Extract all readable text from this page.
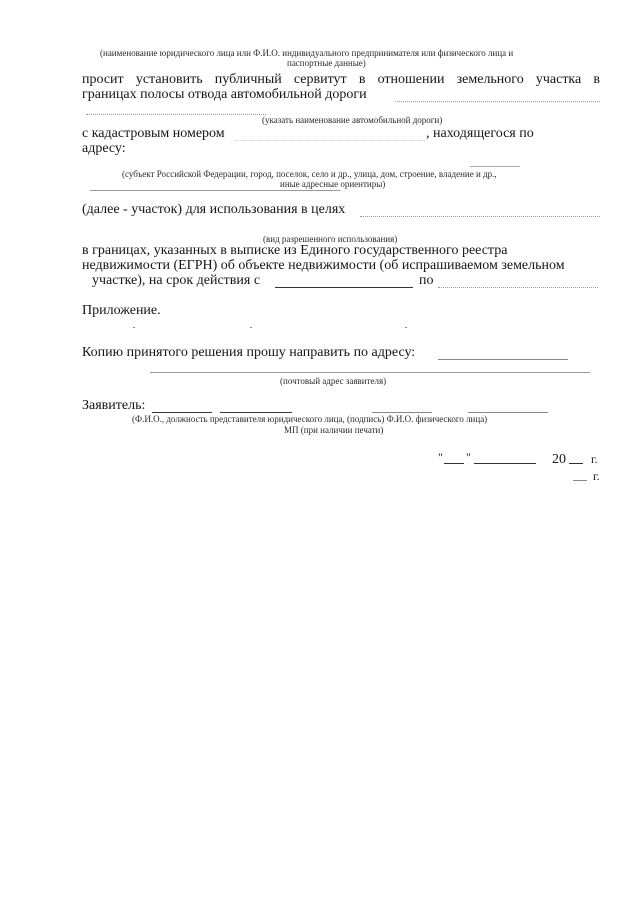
(наименование юридического лица или Ф.И.О. индивидуального предпринимателя или физического лица и
паспортные данные)
просит установить публичный сервитут в отношении земельного участка в
границах полосы отвода автомобильной дороги
(указать наименование автомобильной дороги)
с кадастровым номером	, находящегося по
адресу:
(субъект Российской Федерации, город, поселок, село и др., улица, дом, строение, владение и др.,
иные адресные ориентиры)
(далее - участок) для использования в целях
(вид разрешенного использования)
в границах, указанных в выписке из Единого государственного реестра
недвижимости (ЕГРН) об объекте недвижимости (об испрашиваемом земельном
участке), на срок действия с	по
Приложение.
Копию принятого решения прошу направить по адресу:
(почтовый адрес заявителя)
Заявитель:
(Ф.И.О., должность представителя юридического лица, (подпись) Ф.И.О. физического лица)
МП (при наличии печати)
" "	20 г.
г.
